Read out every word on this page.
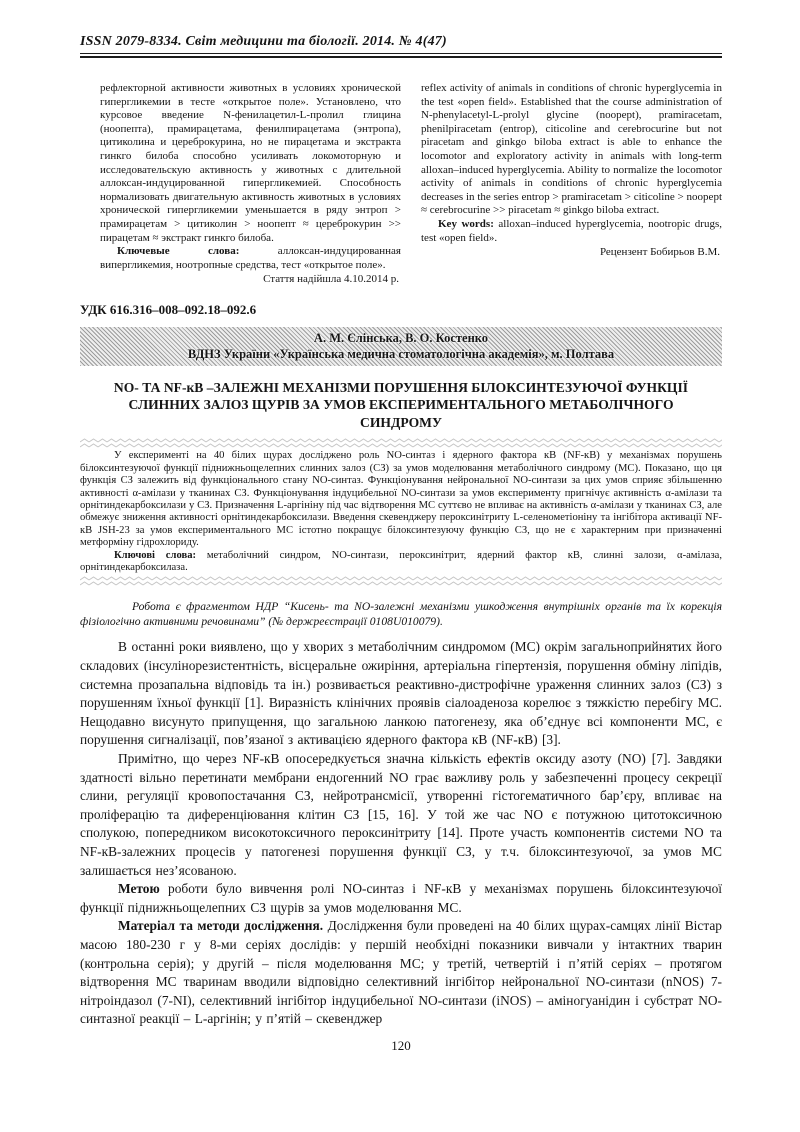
ISSN 2079-8334. Світ медицини та біології. 2014. № 4(47)

рефлекторной активности животных в условиях хронической гипергликемии в тесте «открытое поле». Установлено, что курсовое введение N-фенилацетил-L-пролил глицина (ноопепта), прамирацетама, фенилпирацетама (энтропа), цитиколина и цереброкурина, но не пирацетама и экстракта гинкго билоба способно усиливать локомоторную и исследовательскую активность у животных с длительной аллоксан-индуцированной гипергликемией. Способность нормализовать двигательную активность животных в условиях хронической гипергликемии уменьшается в ряду энтроп > прамирацетам > цитиколин > ноопепт ≈ цереброкурин >> пирацетам ≈ экстракт гинкго билоба.

Ключевые слова: аллоксан-индуцированная випергликемия, ноотропные средства, тест «открытое поле».

Стаття надійшла 4.10.2014 р.

reflex activity of animals in conditions of chronic hyperglycemia in the test «open field». Established that the course administration of N-phenylacetyl-L-prolyl glycine (noopept), pramiracetam, phenilpiracetam (entrop), citicoline and cerebrocurine but not piracetam and ginkgo biloba extract is able to enhance the locomotor and exploratory activity in animals with long-term alloxan–induced hyperglycemia. Ability to normalize the locomotor activity of animals in conditions of chronic hyperglycemia decreases in the series entrop > pramiracetam > citicoline > noopept ≈ cerebrocurine >> piracetam ≈ ginkgo biloba extract.

Key words: alloxan–induced hyperglycemia, nootropic drugs, test «open field».

Рецензент Бобирьов В.М.

УДК 616.316–008–092.18–092.6

А. М. Єлінська, В. О. Костенко
ВДНЗ України «Українська медична стоматологічна академія», м. Полтава
NO- ТА NF-кВ –ЗАЛЕЖНІ МЕХАНІЗМИ ПОРУШЕННЯ БІЛОКСИНТЕЗУЮЧОЇ ФУНКЦІЇ СЛИННИХ ЗАЛОЗ ЩУРІВ ЗА УМОВ ЕКСПЕРИМЕНТАЛЬНОГО МЕТАБОЛІЧНОГО СИНДРОМУ

У експерименті на 40 білих щурах досліджено роль NO-синтаз і ядерного фактора кВ (NF-кВ) у механізмах порушень білоксинтезуючої функції піднижньощелепних слинних залоз (СЗ) за умов моделювання метаболічного синдрому (МС). Показано, що ця функція СЗ залежить від функціонального стану NO-синтаз. Функціонування нейрональної NO-синтази за цих умов сприяє збільшенню активності α-амілази у тканинах СЗ. Функціонування індуцибельної NO-синтази за умов експерименту пригнічує активність α-амілази та орнітиндекарбоксилази у СЗ. Призначення L-аргініну під час відтворення МС суттєво не впливає на активність α-амілази у тканинах СЗ, але обмежує зниження активності орнітиндекарбоксилази. Введення скевенджеру пероксинітриту L-селенометіоніну та інгібітора активації NF-кВ JSH-23 за умов експериментального МС істотно покращує білоксинтезуючу функцію СЗ, що не є характерним при призначенні метформіну гідрохлориду.

Ключові слова: метаболічний синдром, NO-синтази, пероксинітрит, ядерний фактор кВ, слинні залози, α-амілаза, орнітиндекарбоксилаза.

Робота є фрагментом НДР “Кисень- та NO-залежні механізми ушкодження внутрішніх органів та їх корекція фізіологічно активними речовинами” (№ держреєстрації 0108U010079).

В останні роки виявлено, що у хворих з метаболічним синдромом (МС) окрім загальноприйнятих його складових (інсулінорезистентність, вісцеральне ожиріння, артеріальна гіпертензія, порушення обміну ліпідів, системна прозапальна відповідь та ін.) розвивається реактивно-дистрофічне ураження слинних залоз (СЗ) з порушенням їхньої функції [1]. Виразність клінічних проявів сіалоаденоза корелює з тяжкістю перебігу МС. Нещодавно висунуто припущення, що загальною ланкою патогенезу, яка об’єднує всі компоненти МС, є порушення сигналізації, пов’язаної з активацією ядерного фактора кВ (NF-кВ) [3].

Примітно, що через NF-кВ опосередкується значна кількість ефектів оксиду азоту (NO) [7]. Завдяки здатності вільно перетинати мембрани ендогенний NO грає важливу роль у забезпеченні процесу секреції слини, регуляції кровопостачання СЗ, нейротрансмісії, утворенні гістогематичного бар’єру, впливає на проліферацію та диференціювання клітин СЗ [15, 16]. У той же час NO є потужною цитотоксичною сполукою, попередником високотоксичного пероксинітриту [14]. Проте участь компонентів системи NO та NF-кВ-залежних процесів у патогенезі порушення функції СЗ, у т.ч. білоксинтезуючої, за умов МС залишається нез’ясованою.

Метою роботи було вивчення ролі NO-синтаз і NF-кВ у механізмах порушень білоксинтезуючої функції піднижньощелепних СЗ щурів за умов моделювання МС.

Матеріал та методи дослідження. Дослідження були проведені на 40 білих щурах-самцях лінії Вістар масою 180-230 г у 8-ми серіях дослідів: у першій необхідні показники вивчали у інтактних тварин (контрольна серія); у другій – після моделювання МС; у третій, четвертій і п’ятій серіях – протягом відтворення МС тваринам вводили відповідно селективний інгібітор нейрональної NO-синтази (nNOS) 7-нітроіндазол (7-NI), селективний інгібітор індуцибельної NO-синтази (iNOS) – аміногуанідин і субстрат NO-синтазної реакції – L-аргінін; у п’ятій – скевенджер

120
